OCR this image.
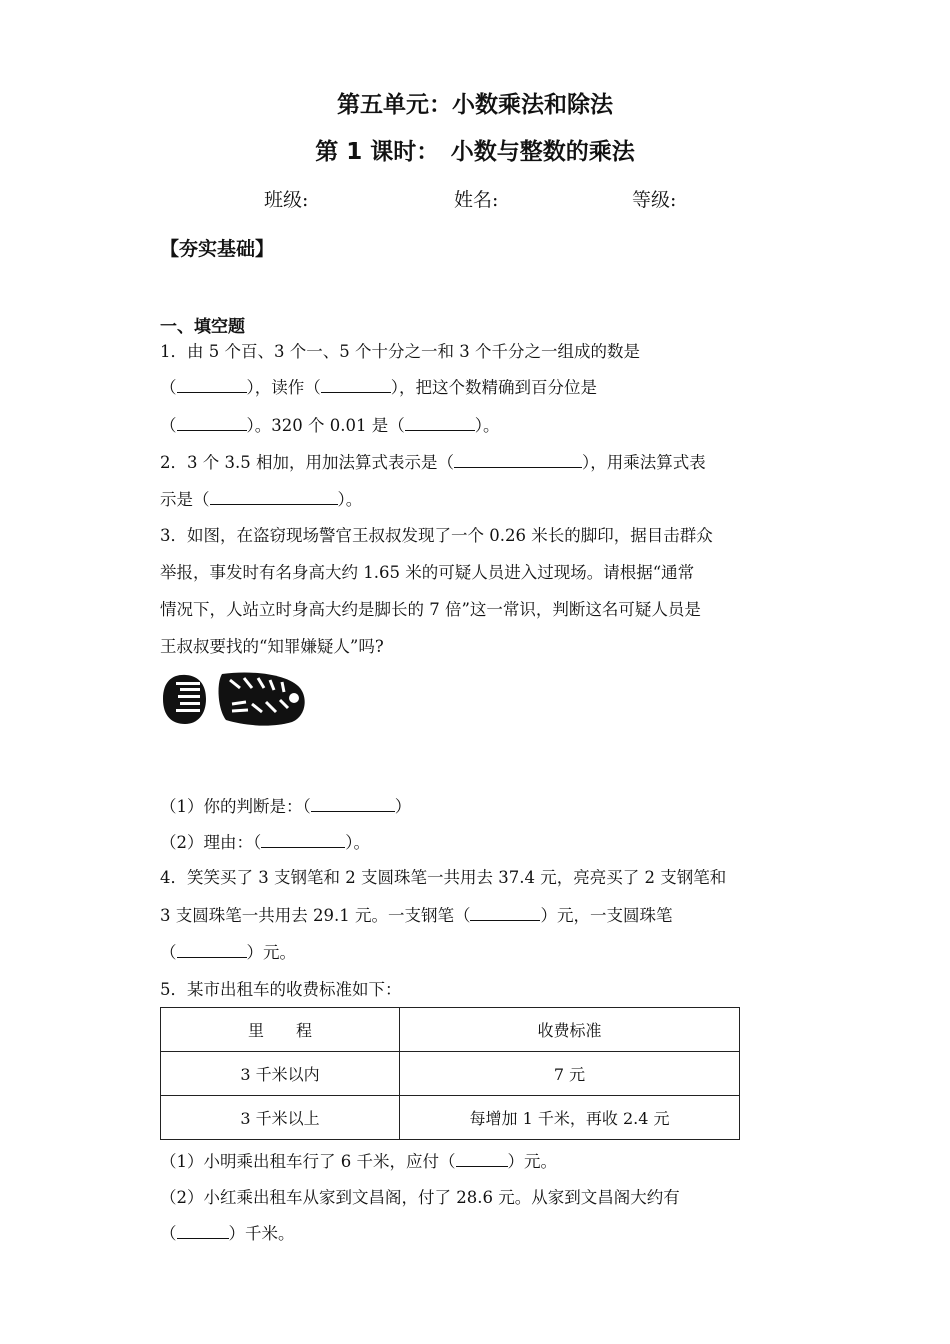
第五单元：小数乘法和除法
第 1 课时：　小数与整数的乘法
班级:	姓名:	等级:
【夯实基础】
一、填空题
1．由 5 个百、3 个一、5 个十分之一和 3 个千分之一组成的数是
（	），读作（	），把这个数精确到百分位是
（	）。320 个 0.01 是（	）。
2．3 个 3.5 相加，用加法算式表示是（	），用乘法算式表
示是（	）。
3．如图，在盗窃现场警官王叔叔发现了一个 0.26 米长的脚印，据目击群众
举报，事发时有名身高大约 1.65 米的可疑人员进入过现场。请根据“通常
情况下，人站立时身高大约是脚长的 7 倍”这一常识，判断这名可疑人员是
王叔叔要找的“知罪嫌疑人”吗?
（1）你的判断是：（	）
（2）理由：（	）。
4．笑笑买了 3 支钢笔和 2 支圆珠笔一共用去 37.4 元，亮亮买了 2 支钢笔和
3 支圆珠笔一共用去 29.1 元。一支钢笔（	）元，一支圆珠笔
（	）元。
5．某市出租车的收费标准如下：
里　　程	收费标准
3 千米以内	7 元
3 千米以上	每增加 1 千米，再收 2.4 元
（1）小明乘出租车行了 6 千米，应付（	）元。
（2）小红乘出租车从家到文昌阁，付了 28.6 元。从家到文昌阁大约有
（	）千米。
